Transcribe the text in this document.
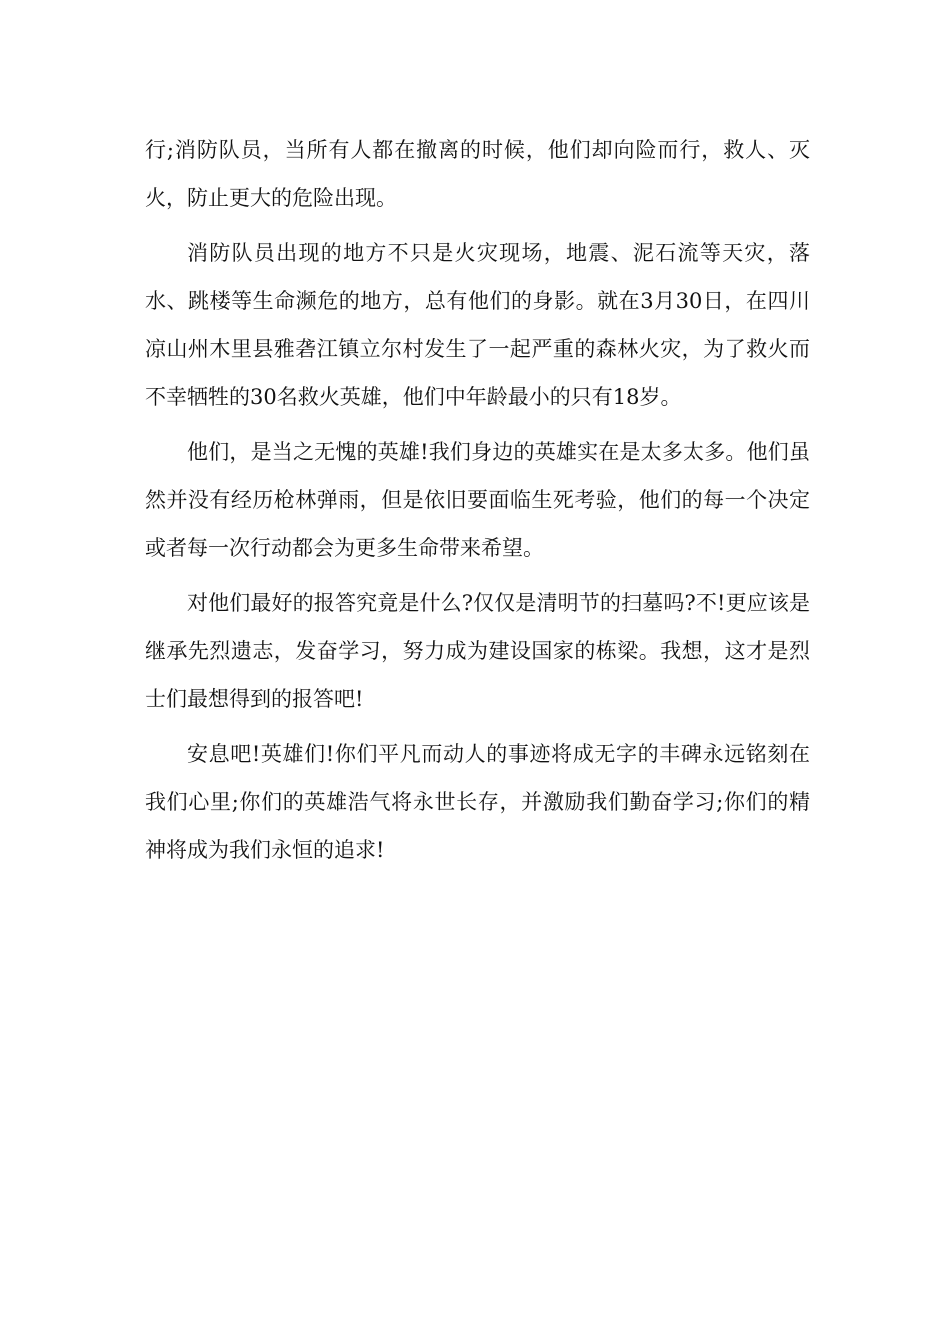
行;消防队员，当所有人都在撤离的时候，他们却向险而行，救人、灭火，防止更大的危险出现。

消防队员出现的地方不只是火灾现场，地震、泥石流等天灾，落水、跳楼等生命濒危的地方，总有他们的身影。就在3月30日，在四川凉山州木里县雅砻江镇立尔村发生了一起严重的森林火灾，为了救火而不幸牺牲的30名救火英雄，他们中年龄最小的只有18岁。

他们，是当之无愧的英雄!我们身边的英雄实在是太多太多。他们虽然并没有经历枪林弹雨，但是依旧要面临生死考验，他们的每一个决定或者每一次行动都会为更多生命带来希望。

对他们最好的报答究竟是什么?仅仅是清明节的扫墓吗?不!更应该是继承先烈遗志，发奋学习，努力成为建设国家的栋梁。我想，这才是烈士们最想得到的报答吧!

安息吧!英雄们!你们平凡而动人的事迹将成无字的丰碑永远铭刻在我们心里;你们的英雄浩气将永世长存，并激励我们勤奋学习;你们的精神将成为我们永恒的追求!
